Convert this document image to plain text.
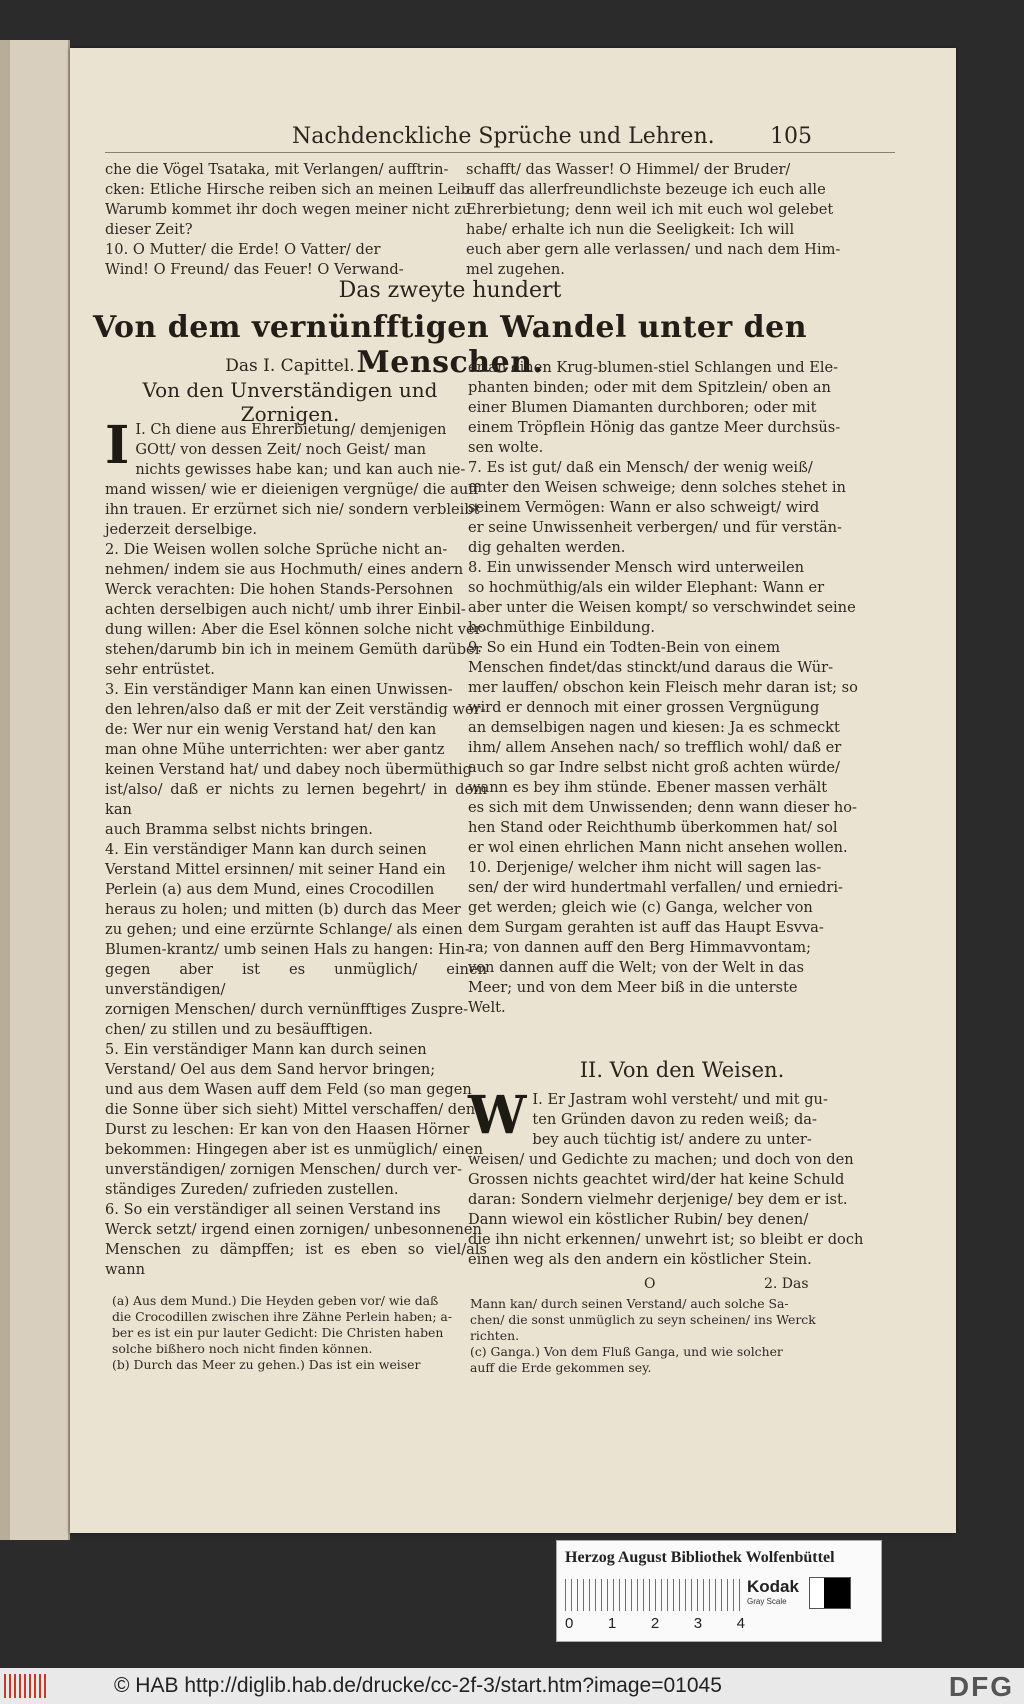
Nachdenckliche Sprüche und Lehren.	105
che die Vögel Tsataka, mit Verlangen/ aufftrin-
cken: Etliche Hirsche reiben sich an meinen Leib:
Warumb kommet ihr doch wegen meiner nicht zu
dieser Zeit?
10. O Mutter/ die Erde! O Vatter/ der
Wind! O Freund/ das Feuer! O Verwand-
schafft/ das Wasser! O Himmel/ der Bruder/
auff das allerfreundlichste bezeuge ich euch alle
Ehrerbietung; denn weil ich mit euch wol gelebet
habe/ erhalte ich nun die Seeligkeit: Ich will
euch aber gern alle verlassen/ und nach dem Him-
mel zugehen.
Das zweyte hundert
Von dem vernünfftigen Wandel unter den Menschen.
Das I. Capittel.
Von den Unverständigen und Zornigen.
I I. Ch diene aus Ehrerbietung/ demjenigen
GOtt/ von dessen Zeit/ noch Geist/ man
nichts gewisses habe kan; und kan auch nie-
mand wissen/ wie er dieienigen vergnüge/ die auff
ihn trauen. Er erzürnet sich nie/ sondern verbleibt
jederzeit derselbige.
2. Die Weisen wollen solche Sprüche nicht an-
nehmen/ indem sie aus Hochmuth/ eines andern
Werck verachten: Die hohen Stands-Persohnen
achten derselbigen auch nicht/ umb ihrer Einbil-
dung willen: Aber die Esel können solche nicht ver-
stehen/darumb bin ich in meinem Gemüth darüber
sehr entrüstet.
3. Ein verständiger Mann kan einen Unwissen-
den lehren/also daß er mit der Zeit verständig wer-
de: Wer nur ein wenig Verstand hat/ den kan
man ohne Mühe unterrichten: wer aber gantz
keinen Verstand hat/ und dabey noch übermüthig
ist/also/ daß er nichts zu lernen begehrt/ in dem kan
auch Bramma selbst nichts bringen.
4. Ein verständiger Mann kan durch seinen
Verstand Mittel ersinnen/ mit seiner Hand ein
Perlein (a) aus dem Mund, eines Crocodillen
heraus zu holen; und mitten (b) durch das Meer
zu gehen; und eine erzürnte Schlange/ als einen
Blumen-krantz/ umb seinen Hals zu hangen: Hin-
gegen aber ist es unmüglich/ einen unverständigen/
zornigen Menschen/ durch vernünfftiges Zuspre-
chen/ zu stillen und zu besäufftigen.
5. Ein verständiger Mann kan durch seinen
Verstand/ Oel aus dem Sand hervor bringen;
und aus dem Wasen auff dem Feld (so man gegen
die Sonne über sich sieht) Mittel verschaffen/ den
Durst zu leschen: Er kan von den Haasen Hörner
bekommen: Hingegen aber ist es unmüglich/ einen
unverständigen/ zornigen Menschen/ durch ver-
ständiges Zureden/ zufrieden zustellen.
6. So ein verständiger all seinen Verstand ins
Werck setzt/ irgend einen zornigen/ unbesonnenen
Menschen zu dämpffen; ist es eben so viel/als wann
er an einen Krug-blumen-stiel Schlangen und Ele-
phanten binden; oder mit dem Spitzlein/ oben an
einer Blumen Diamanten durchboren; oder mit
einem Tröpflein Hönig das gantze Meer durchsüs-
sen wolte.
7. Es ist gut/ daß ein Mensch/ der wenig weiß/
unter den Weisen schweige; denn solches stehet in
seinem Vermögen: Wann er also schweigt/ wird
er seine Unwissenheit verbergen/ und für verstän-
dig gehalten werden.
8. Ein unwissender Mensch wird unterweilen
so hochmüthig/als ein wilder Elephant: Wann er
aber unter die Weisen kompt/ so verschwindet seine
hochmüthige Einbildung.
9. So ein Hund ein Todten-Bein von einem
Menschen findet/das stinckt/und daraus die Wür-
mer lauffen/ obschon kein Fleisch mehr daran ist; so
wird er dennoch mit einer grossen Vergnügung
an demselbigen nagen und kiesen: Ja es schmeckt
ihm/ allem Ansehen nach/ so trefflich wohl/ daß er
auch so gar Indre selbst nicht groß achten würde/
wann es bey ihm stünde. Ebener massen verhält
es sich mit dem Unwissenden; denn wann dieser ho-
hen Stand oder Reichthumb überkommen hat/ sol
er wol einen ehrlichen Mann nicht ansehen wollen.
10. Derjenige/ welcher ihm nicht will sagen las-
sen/ der wird hundertmahl verfallen/ und erniedri-
get werden; gleich wie (c) Ganga, welcher von
dem Surgam gerahten ist auff das Haupt Esvva-
ra; von dannen auff den Berg Himmavvontam;
von dannen auff die Welt; von der Welt in das
Meer; und von dem Meer biß in die unterste
Welt.
II. Von den Weisen.
W I. Er Jastram wohl versteht/ und mit gu-
ten Gründen davon zu reden weiß; da-
bey auch tüchtig ist/ andere zu unter-
weisen/ und Gedichte zu machen; und doch von den
Grossen nichts geachtet wird/der hat keine Schuld
daran: Sondern vielmehr derjenige/ bey dem er ist.
Dann wiewol ein köstlicher Rubin/ bey denen/
die ihn nicht erkennen/ unwehrt ist; so bleibt er doch
einen weg als den andern ein köstlicher Stein.
O	2. Das
(a) Aus dem Mund.) Die Heyden geben vor/ wie daß
die Crocodillen zwischen ihre Zähne Perlein haben; a-
ber es ist ein pur lauter Gedicht: Die Christen haben
solche bißhero noch nicht finden können.
(b) Durch das Meer zu gehen.) Das ist ein weiser

Mann kan/ durch seinen Verstand/ auch solche Sa-
chen/ die sonst unmüglich zu seyn scheinen/ ins Werck
richten.
(c) Ganga.) Von dem Fluß Ganga, und wie solcher
auff die Erde gekommen sey.
Herzog August Bibliothek Wolfenbüttel
0 1 2 3 4
Kodak
Gray Scale
© HAB http://diglib.hab.de/drucke/cc-2f-3/start.htm?image=01045	DFG
